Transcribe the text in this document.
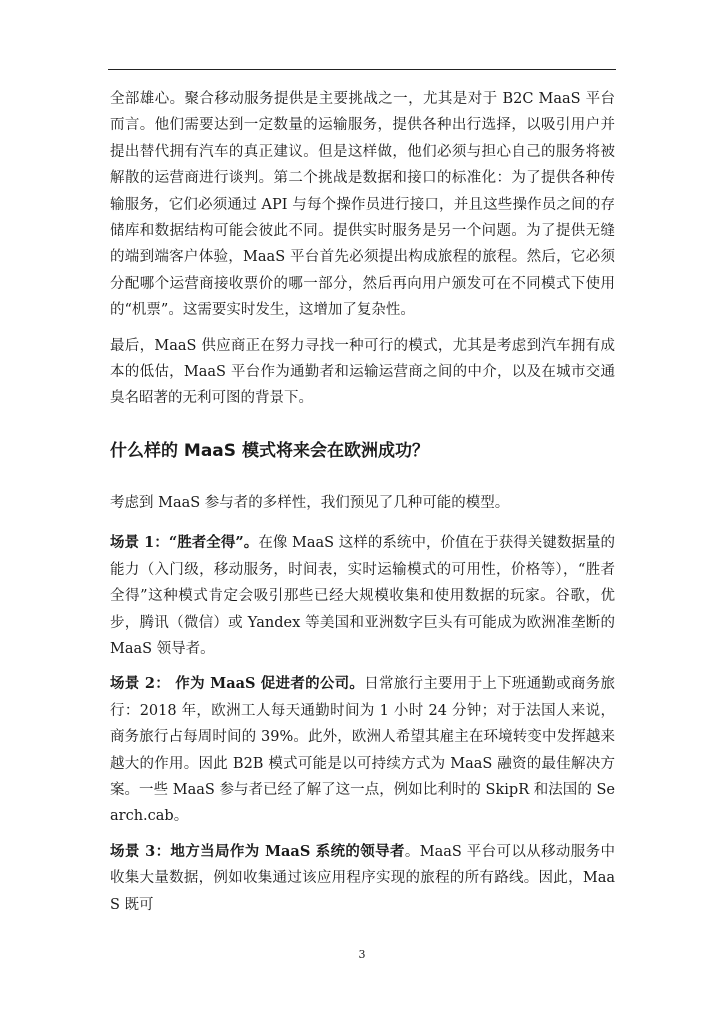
全部雄心。聚合移动服务提供是主要挑战之一，尤其是对于 B2C MaaS 平台而言。他们需要达到一定数量的运输服务，提供各种出行选择，以吸引用户并提出替代拥有汽车的真正建议。但是这样做，他们必须与担心自己的服务将被解散的运营商进行谈判。第二个挑战是数据和接口的标准化：为了提供各种传输服务，它们必须通过 API 与每个操作员进行接口，并且这些操作员之间的存储库和数据结构可能会彼此不同。提供实时服务是另一个问题。为了提供无缝的端到端客户体验，MaaS 平台首先必须提出构成旅程的旅程。然后，它必须分配哪个运营商接收票价的哪一部分，然后再向用户颁发可在不同模式下使用的“机票”。这需要实时发生，这增加了复杂性。

最后，MaaS 供应商正在努力寻找一种可行的模式，尤其是考虑到汽车拥有成本的低估，MaaS 平台作为通勤者和运输运营商之间的中介，以及在城市交通臭名昭著的无利可图的背景下。

什么样的 MaaS 模式将来会在欧洲成功？

考虑到 MaaS 参与者的多样性，我们预见了几种可能的模型。

场景 1：“胜者全得”。在像 MaaS 这样的系统中，价值在于获得关键数据量的能力（入门级，移动服务，时间表，实时运输模式的可用性，价格等），“胜者全得”这种模式肯定会吸引那些已经大规模收集和使用数据的玩家。谷歌，优步，腾讯（微信）或 Yandex 等美国和亚洲数字巨头有可能成为欧洲准垄断的 MaaS 领导者。

场景 2： 作为 MaaS 促进者的公司。日常旅行主要用于上下班通勤或商务旅行：2018 年，欧洲工人每天通勤时间为 1 小时 24 分钟；对于法国人来说，商务旅行占每周时间的 39%。此外，欧洲人希望其雇主在环境转变中发挥越来越大的作用。因此 B2B 模式可能是以可持续方式为 MaaS 融资的最佳解决方案。一些 MaaS 参与者已经了解了这一点，例如比利时的 SkipR 和法国的 Search.cab。

场景 3：地方当局作为 MaaS 系统的领导者。MaaS 平台可以从移动服务中收集大量数据，例如收集通过该应用程序实现的旅程的所有路线。因此，MaaS 既可

3
